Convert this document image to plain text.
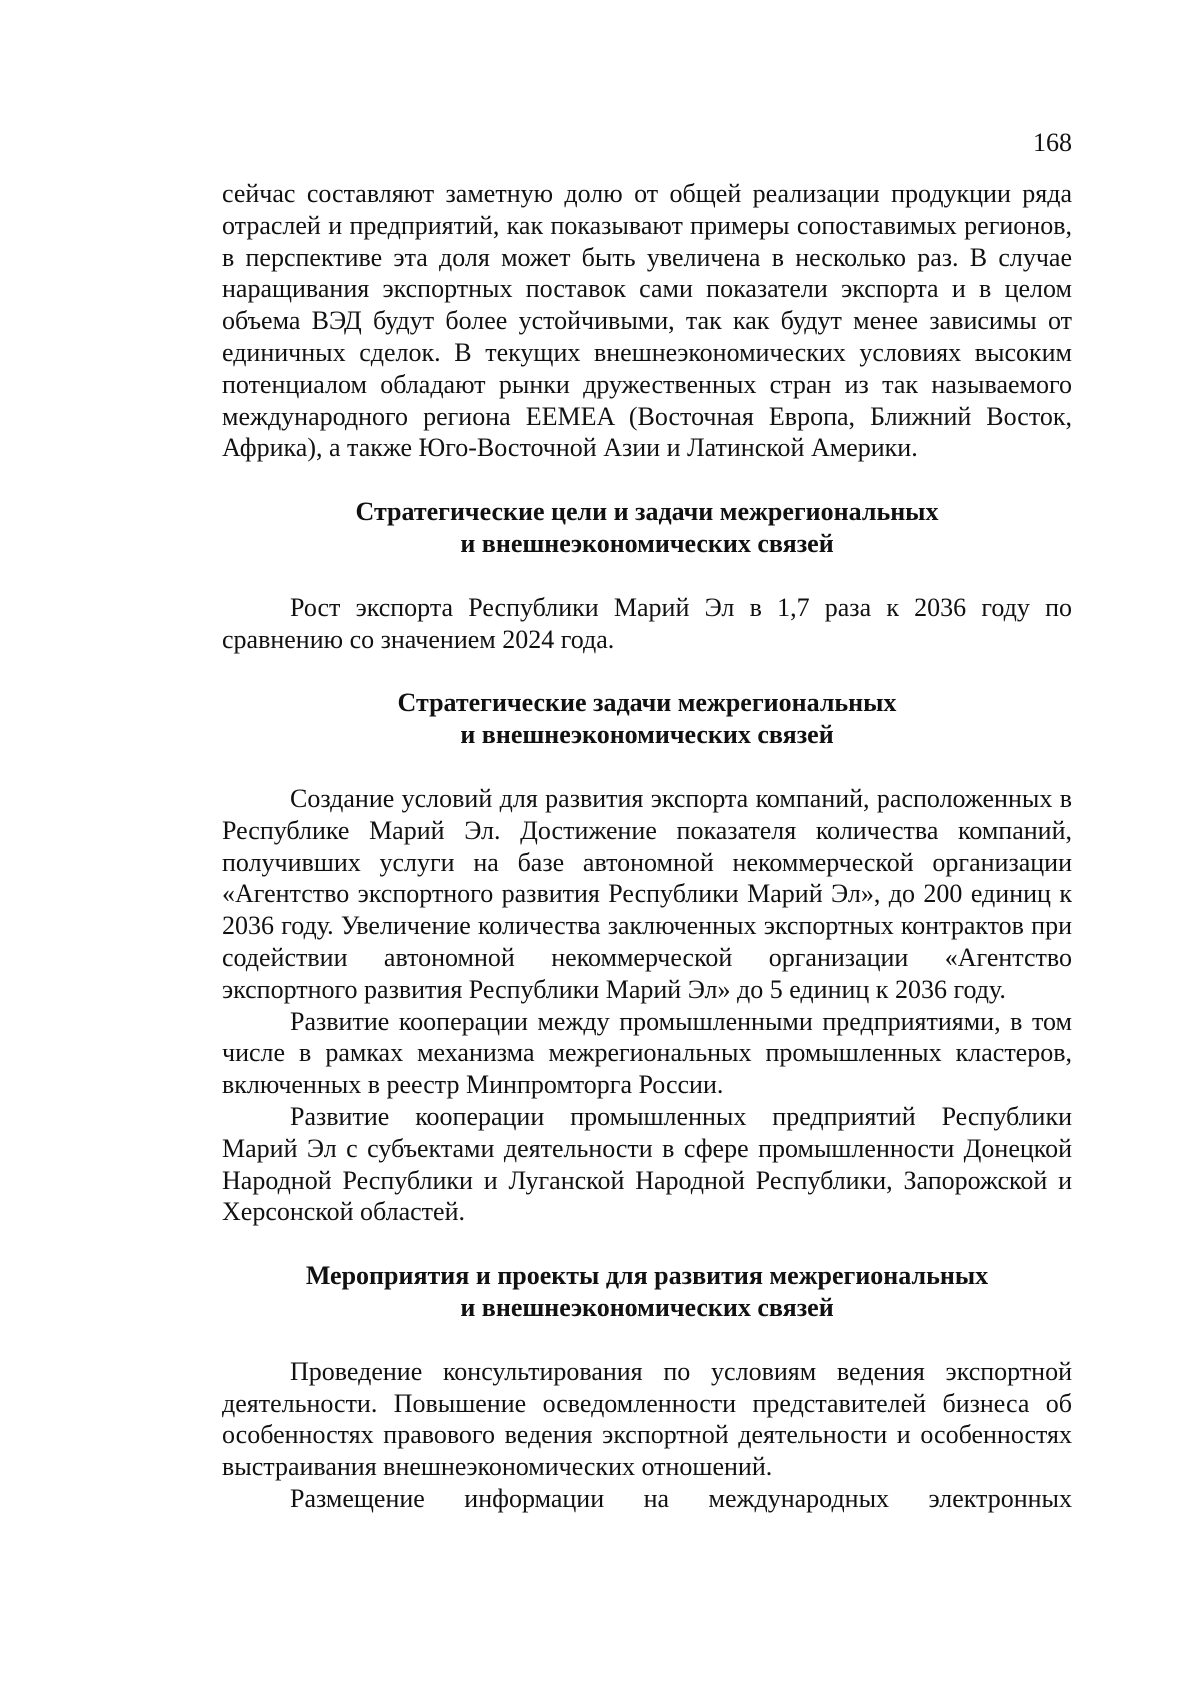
168

сейчас составляют заметную долю от общей реализации продукции ряда отраслей и предприятий, как показывают примеры сопоставимых регионов, в перспективе эта доля может быть увеличена в несколько раз. В случае наращивания экспортных поставок сами показатели экспорта и в целом объема ВЭД будут более устойчивыми, так как будут менее зависимы от единичных сделок. В текущих внешнеэкономических условиях высоким потенциалом обладают рынки дружественных стран из так называемого международного региона EEMEA (Восточная Европа, Ближний Восток, Африка), а также Юго-Восточной Азии и Латинской Америки.

Стратегические цели и задачи межрегиональных
и внешнеэкономических связей

Рост экспорта Республики Марий Эл в 1,7 раза к 2036 году по сравнению со значением 2024 года.

Стратегические задачи межрегиональных
и внешнеэкономических связей

Создание условий для развития экспорта компаний, расположенных в Республике Марий Эл. Достижение показателя количества компаний, получивших услуги на базе автономной некоммерческой организации «Агентство экспортного развития Республики Марий Эл», до 200 единиц к 2036 году. Увеличение количества заключенных экспортных контрактов при содействии автономной некоммерческой организации «Агентство экспортного развития Республики Марий Эл» до 5 единиц к 2036 году.

Развитие кооперации между промышленными предприятиями, в том числе в рамках механизма межрегиональных промышленных кластеров, включенных в реестр Минпромторга России.

Развитие кооперации промышленных предприятий Республики Марий Эл с субъектами деятельности в сфере промышленности Донецкой Народной Республики и Луганской Народной Республики, Запорожской и Херсонской областей.

Мероприятия и проекты для развития межрегиональных
и внешнеэкономических связей

Проведение консультирования по условиям ведения экспортной деятельности. Повышение осведомленности представителей бизнеса об особенностях правового ведения экспортной деятельности и особенностях выстраивания внешнеэкономических отношений.

Размещение информации на международных электронных
